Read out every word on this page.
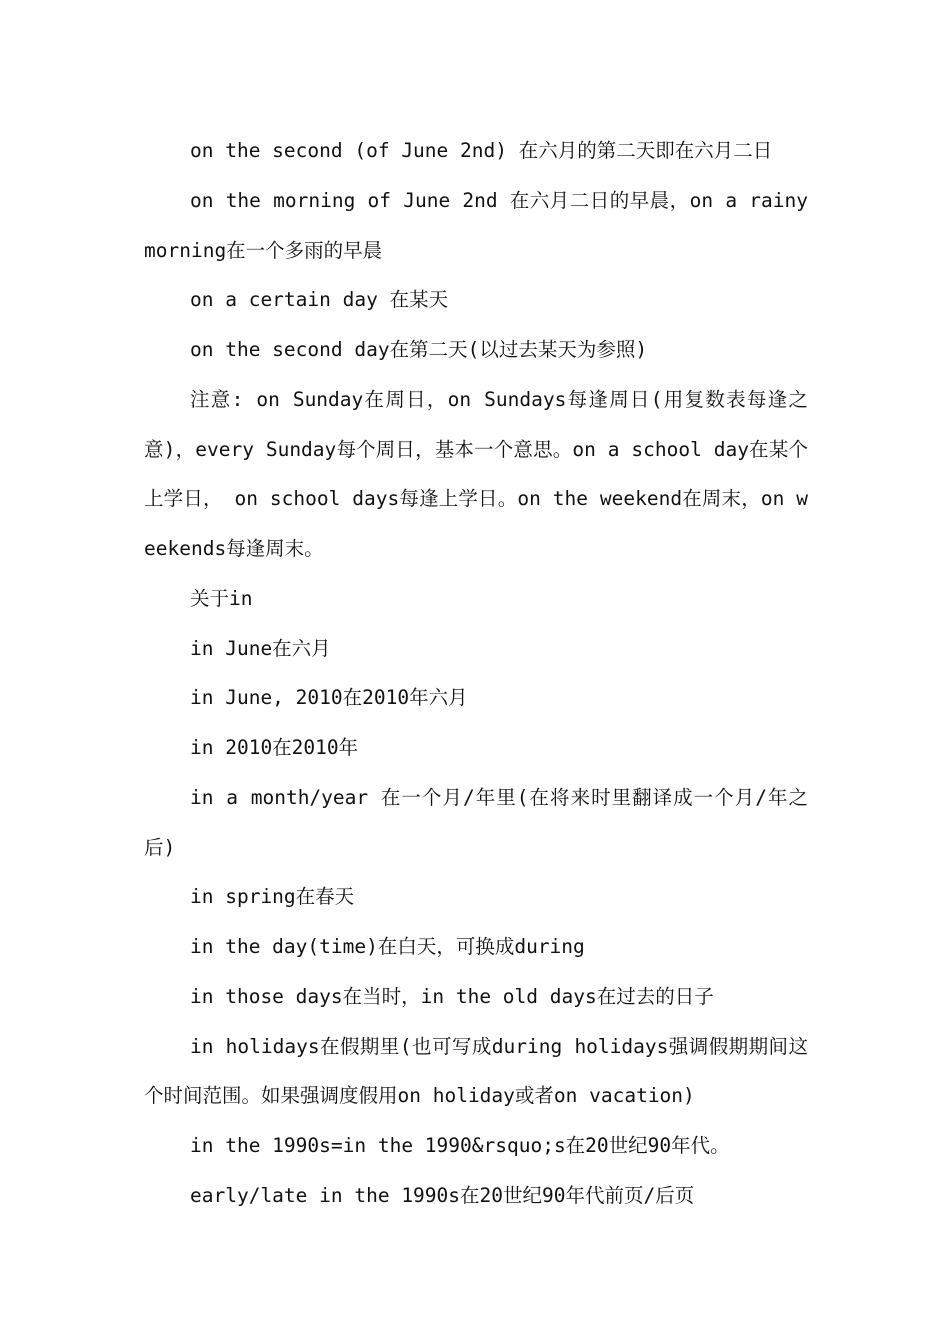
on the second (of June 2nd) 在六月的第二天即在六月二日

on the morning of June 2nd 在六月二日的早晨，on a rainy morning在一个多雨的早晨

on a certain day 在某天

on the second day在第二天(以过去某天为参照)

注意: on Sunday在周日，on Sundays每逢周日(用复数表每逢之意)，every Sunday每个周日，基本一个意思。on a school day在某个上学日， on school days每逢上学日。on the weekend在周末，on weekends每逢周末。

关于in

in June在六月

in June, 2010在2010年六月

in 2010在2010年

in a month/year 在一个月/年里(在将来时里翻译成一个月/年之后)

in spring在春天

in the day(time)在白天，可换成during

in those days在当时，in the old days在过去的日子

in holidays在假期里(也可写成during holidays强调假期期间这个时间范围。如果强调度假用on holiday或者on vacation)

in the 1990s=in the 1990&rsquo;s在20世纪90年代。

early/late in the 1990s在20世纪90年代前页/后页
